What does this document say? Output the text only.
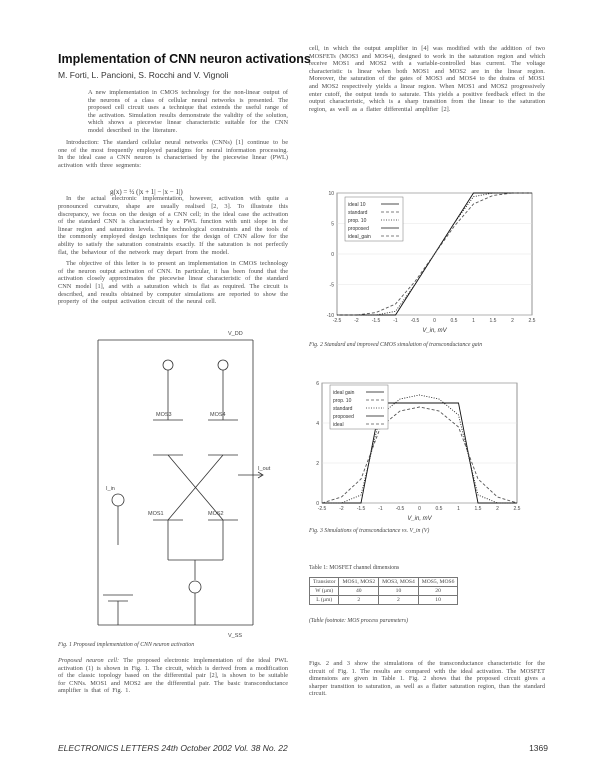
Implementation of CNN neuron activations
M. Forti, L. Pancioni, S. Rocchi and V. Vignoli
A new implementation in CMOS technology for the non-linear output of the neurons of a class of cellular neural networks is presented. The proposed cell circuit uses a technique that extends the useful range of the activation. Simulation results demonstrate the validity of the solution, which shows a piecewise linear characteristic suitable for the CNN model described in the literature.

Introduction: The standard cellular neural networks (CNNs) [1] continue to be one of the most frequently employed paradigms for neural information processing. In the ideal case a CNN neuron is characterised by the piecewise linear (PWL) activation with three segments:

In the actual electronic implementation, however, activation with quite a pronounced curvature, shape are usually realised [2, 3]. To illustrate this discrepancy, we focus on the design of a CNN cell; in the ideal case the activation of the standard CNN is characterised by a PWL function with unit slope in the linear region and saturation levels. The technological constraints and the tools of the commonly employed design techniques for the design of CNN allow for the ability to satisfy the saturation constraints exactly. If the saturation is not perfectly flat, the behaviour of the network may depart from the model.

The objective of this letter is to present an implementation in CMOS technology of the neuron output activation of CNN. In particular, it has been found that the activation closely approximates the piecewise linear characteristic of the standard CNN model [1], and with a saturation which is flat as required. The circuit is described, and results obtained by computer simulations are reported to show the property of the output activation circuit of the neural cell.

g(x) = ½ (|x + 1| − |x − 1|)
MOS3	MOS4
MOS1	MOS2
I_in
V_DD
V_SS
I_out
Fig. 1 Proposed implementation of CNN neuron activation

Proposed neuron cell: The proposed electronic implementation of the ideal PWL activation (1) is shown in Fig. 1. The circuit, which is derived from a modification of the classic topology based on the differential pair [2], is shown to be suitable for CNNs. MOS1 and MOS2 are the differential pair. The basic transconductance amplifier is that of Fig. 1.

cell, in which the output amplifier in [4] was modified with the addition of two MOSFETs (MOS3 and MOS4), designed to work in the saturation region and which receive MOS1 and MOS2 with a variable-controlled bias current. The voltage characteristic is linear when both MOS1 and MOS2 are in the linear region. Moreover, the saturation of the gates of MOS3 and MOS4 to the drains of MOS1 and MOS2 respectively yields a linear region. When MOS1 and MOS2 progressively enter cutoff, the output tends to saturate. This yields a positive feedback effect in the output characteristic, which is a sharp transition from the linear to the saturation region, as well as a flatter differential amplifier [2].
-2.5	-2	-1.5	-1	-0.5	0	0.5	1	1.5	2	2.5
-10
-5
0
5
10
V_in, mV
ideal 10
standard
prop. 10
proposed
ideal_gain
Fig. 2 Standard and improved CMOS simulation of transconductance gain
-2.5	-2	-1.5	-1	-0.5	0	0.5	1	1.5	2	2.5
0
2
4
6
V_in, mV
ideal gain
prop. 10
standard
proposed
ideal
Fig. 3 Simulations of transconductance vs. V_in (V)
Table 1: MOSFET channel dimensions
Transistor	MOS1, MOS2	MOS3, MOS4	MOS5, MOS6
W (µm)	40	10	20
L (µm)	2	2	10
(Table footnote: MOS process parameters)
Figs. 2 and 3 show the simulations of the transconductance characteristic for the circuit of Fig. 1. The results are compared with the ideal activation. The MOSFET dimensions are given in Table 1. Fig. 2 shows that the proposed circuit gives a sharper transition to saturation, as well as a flatter saturation region, than the standard circuit.
ELECTRONICS LETTERS 24th October 2002 Vol. 38 No. 22	1369
